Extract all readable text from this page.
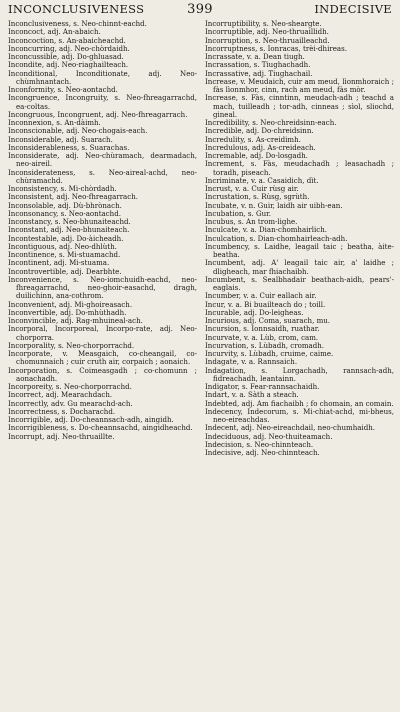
INCONCLUSIVENESS	399	INDECISIVE

Inconclusiveness, s. Neo-chinnt-eachd.

Inconcoct, adj. An-abaich.

Inconcoction, s. An-abaicheachd.

Inconcurring, adj. Neo-chòrdaidh.

Inconcussible, adj. Do-ghluasad.

Incondite, adj. Neo-riaghailteach.

Inconditional, Inconditionate, adj. Neo-chùmhnantach.

Inconformity, s. Neo-aontachd.

Incongruence, Incongruity, s. Neo-fhreagarrachd, ea-coltas.

Incongruous, Incongruent, adj. Neo-fhreagarrach.

Inconnexion, s. An-dàimh.

Inconscionable, adj. Neo-chogais-each.

Inconsiderable, adj. Suarach.

Inconsiderableness, s. Suarachas.

Inconsiderate, adj. Neo-chùramach, dearmadach, neo-aireil.

Inconsiderateness, s. Neo-aireal-achd, neo-chùramachd.

Inconsistency, s. Mi-chòrdadh.

Inconsistent, adj. Neo-fhreagarrach.

Inconsolable, adj. Dù-bhrònach.

Inconsonancy, s. Neo-aontachd.

Inconstancy, s. Neo-bhunaiteachd.

Inconstant, adj. Neo-bhunaiteach.

Incontestable, adj. Do-àicheadh.

Incontiguous, adj. Neo-dhlùth.

Incontinence, s. Mi-stuamachd.

Incontinent, adj. Mi-stuama.

Incontrovertible, adj. Dearbhte.

Inconvenience, s. Neo-iomchuidh-eachd, neo-fhreagarrachd, neo-ghoir-easachd, dragh, duilichinn, ana-cothrom.

Inconvenient, adj. Mi-ghoireasach.

Inconvertible, adj. Do-mhùthadh.

Inconvincible, adj. Rag-mhuineal-ach.

Incorporal, Incorporeal, Incorpo-rate, adj. Neo-chorporra.

Incorporality, s. Neo-chorporrachd.

Incorporate, v. Measgaich, co-cheangail, co-chomunnaich ; cuir cruth air, corpaich ; aonaich.

Incorporation, s. Coimeasgadh ; co-chomunn ; aonachadh.

Incorporeity, s. Neo-chorporrachd.

Incorrect, adj. Mearachdach.

Incorrectly, adv. Gu mearachd-ach.

Incorrectness, s. Docharachd.

Incorrigible, adj. Do-cheannsach-adh, aingidh.

Incorrigibleness, s. Do-cheannsachd, aingidheachd.

Incorrupt, adj. Neo-thruaillte.

Incorruptibility, s. Neo-sheargte.

Incorruptible, adj. Neo-thruaillidh.

Incorruption, s. Neo-thruailleachd.

Incorruptness, s. Ionracas, trèi-dhireas.

Incrassate, v. a. Dean tiugh.

Incrassation, s. Tiughachadh.

Incrassative, adj. Tiughachail.

Increase, v. Meudaich, cuir am meud, lìonmhoraich ; fàs lìonmhor, cinn, rach am meud, fàs mòr.

Increase, s. Fàs, cinntinn, meudach-adh ; teachd a mach, tuilleadh ; tor-adh, cinneas ; sìol, sliochd, gineal.

Incredibility, s. Neo-chreidsinn-each.

Incredible, adj. Do-chreidsinn.

Incredulity, s. As-creidimh.

Incredulous, adj. As-creideach.

Incremable, adj. Do-losgadh.

Increment, s. Fàs, meudachadh ; leasachadh ; toradh, piseach.

Incriminate, v. a. Casaidich, dìt.

Incrust, v. a. Cuir rùsg air.

Incrustation, s. Rùsg, sgrùth.

Incubate, v. n. Guir, laidh air uibh-ean.

Incubation, s. Gur.

Incubus, s. An trom-lighe.

Inculcate, v. a. Dian-chomhairlich.

Inculcation, s. Dian-chomhairleach-adh.

Incumbency, s. Laidhe, leagail taic ; beatha, àite-beatha.

Incumbent, adj. A' leagail taic air, a' laidhe ; dligheach, mar fhiachaibh.

Incumbent, s. Sealbhadair beathach-aidh, pears'-eaglais.

Incumber, v. a. Cuir eallach air.

Incur, v. a. Bi buailteach do ; toill.

Incurable, adj. Do-leigheas.

Incurious, adj. Coma, suarach, mu.

Incursion, s. Ionnsaidh, ruathar.

Incurvate, v. a. Lùb, crom, cam.

Incurvation, s. Lùbadh, cromadh.

Incurvity, s. Lùbadh, cruime, caime.

Indagate, v. a. Rannsaich.

Indagation, s. Lorgachadh, rannsach-adh, fidreachadh, leantainn.

Indigator, s. Fear-rannsachaidh.

Indart, v. a. Sàth a steach.

Indebted, adj. Am fiachaibh ; fo chomain, an comain.

Indecency, Indecorum, s. Mi-chiat-achd, mi-bheus, neo-eireachdas.

Indecent, adj. Neo-eireachdail, neo-chumhaidh.

Indeciduous, adj. Neo-thuiteamach.

Indecision, s. Neo-chinnteach.

Indecisive, adj. Neo-chinnteach.
